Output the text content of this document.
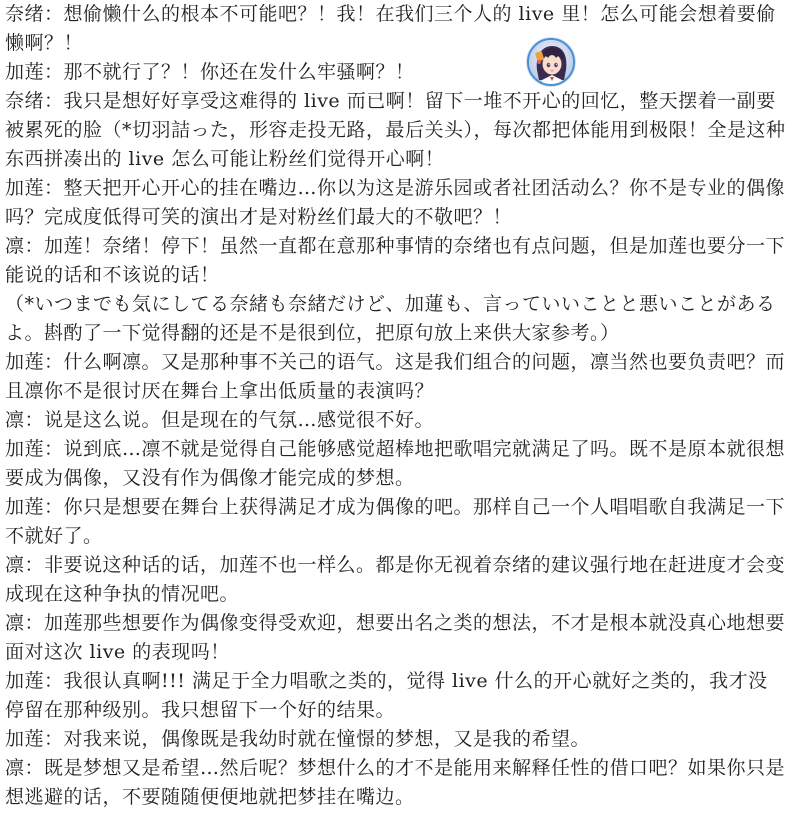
奈绪：想偷懒什么的根本不可能吧？！我！在我们三个人的 live 里！怎么可能会想着要偷
懒啊？！
加莲：那不就行了？！你还在发什么牢骚啊？！
奈绪：我只是想好好享受这难得的 live 而已啊！留下一堆不开心的回忆，整天摆着一副要
被累死的脸（*切羽詰った，形容走投无路，最后关头），每次都把体能用到极限！全是这种
东西拼凑出的 live 怎么可能让粉丝们觉得开心啊！
加莲：整天把开心开心的挂在嘴边…你以为这是游乐园或者社团活动么？你不是专业的偶像
吗？完成度低得可笑的演出才是对粉丝们最大的不敬吧？！
凛：加莲！奈绪！停下！虽然一直都在意那种事情的奈绪也有点问题，但是加莲也要分一下
能说的话和不该说的话！
（*いつまでも気にしてる奈緒も奈緒だけど、加蓮も、言っていいことと悪いことがある
よ。斟酌了一下觉得翻的还是不是很到位，把原句放上来供大家参考。）
加莲：什么啊凛。又是那种事不关己的语气。这是我们组合的问题，凛当然也要负责吧？而
且凛你不是很讨厌在舞台上拿出低质量的表演吗？
凛：说是这么说。但是现在的气氛…感觉很不好。
加莲：说到底…凛不就是觉得自己能够感觉超棒地把歌唱完就满足了吗。既不是原本就很想
要成为偶像，又没有作为偶像才能完成的梦想。
加莲：你只是想要在舞台上获得满足才成为偶像的吧。那样自己一个人唱唱歌自我满足一下
不就好了。
凛：非要说这种话的话，加莲不也一样么。都是你无视着奈绪的建议强行地在赶进度才会变
成现在这种争执的情况吧。
凛：加莲那些想要作为偶像变得受欢迎，想要出名之类的想法，不才是根本就没真心地想要
面对这次 live 的表现吗！
加莲：我很认真啊!!! 满足于全力唱歌之类的，觉得 live 什么的开心就好之类的，我才没
停留在那种级别。我只想留下一个好的结果。
加莲：对我来说，偶像既是我幼时就在憧憬的梦想，又是我的希望。
凛：既是梦想又是希望…然后呢？梦想什么的才不是能用来解释任性的借口吧？如果你只是
想逃避的话，不要随随便便地就把梦挂在嘴边。
